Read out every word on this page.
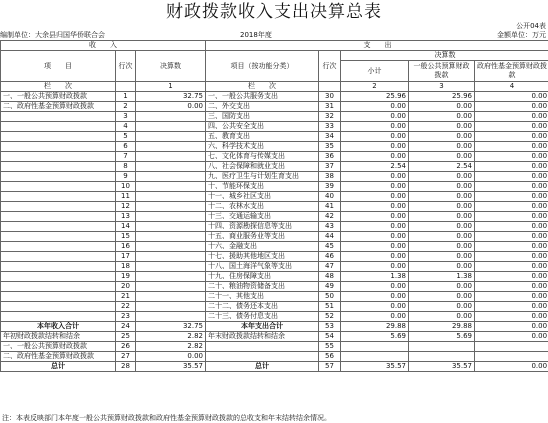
财政拨款收入支出决算总表
公开04表
编制单位：大余县归国华侨联合会	2018年度	金额单位：万元
收　　入			支　　出				
项　　目	行次	决算数	项目（按功能分类）	行次	决算数		
					小计	一般公共预算财政拨款	政府性基金预算财政拨款
栏　　次		1	栏　　次		2	3	4
一、一般公共预算财政拨款	1	32.75	一、一般公共服务支出	30	25.96	25.96	0.00
二、政府性基金预算财政拨款	2	0.00	二、外交支出	31	0.00	0.00	0.00
	3		三、国防支出	32	0.00	0.00	0.00
	4		四、公共安全支出	33	0.00	0.00	0.00
	5		五、教育支出	34	0.00	0.00	0.00
	6		六、科学技术支出	35	0.00	0.00	0.00
	7		七、文化体育与传媒支出	36	0.00	0.00	0.00
	8		八、社会保障和就业支出	37	2.54	2.54	0.00
	9		九、医疗卫生与计划生育支出	38	0.00	0.00	0.00
	10		十、节能环保支出	39	0.00	0.00	0.00
	11		十一、城乡社区支出	40	0.00	0.00	0.00
	12		十二、农林水支出	41	0.00	0.00	0.00
	13		十三、交通运输支出	42	0.00	0.00	0.00
	14		十四、资源勘探信息等支出	43	0.00	0.00	0.00
	15		十五、商业服务业等支出	44	0.00	0.00	0.00
	16		十六、金融支出	45	0.00	0.00	0.00
	17		十七、援助其他地区支出	46	0.00	0.00	0.00
	18		十八、国土海洋气象等支出	47	0.00	0.00	0.00
	19		十九、住房保障支出	48	1.38	1.38	0.00
	20		二十、粮油物资储备支出	49	0.00	0.00	0.00
	21		二十一、其他支出	50	0.00	0.00	0.00
	22		二十二、债务还本支出	51	0.00	0.00	0.00
	23		二十三、债务付息支出	52	0.00	0.00	0.00
本年收入合计	24	32.75	本年支出合计	53	29.88	29.88	0.00
年初财政拨款结转和结余	25	2.82	年末财政拨款结转和结余	54	5.69	5.69	0.00
一、一般公共预算财政拨款	26	2.82		55			
二、政府性基金预算财政拨款	27	0.00		56			
总计	28	35.57	总计	57	35.57	35.57	0.00
注：本表反映部门本年度一般公共预算财政拨款和政府性基金预算财政拨款的总收支和年末结转结余情况。
